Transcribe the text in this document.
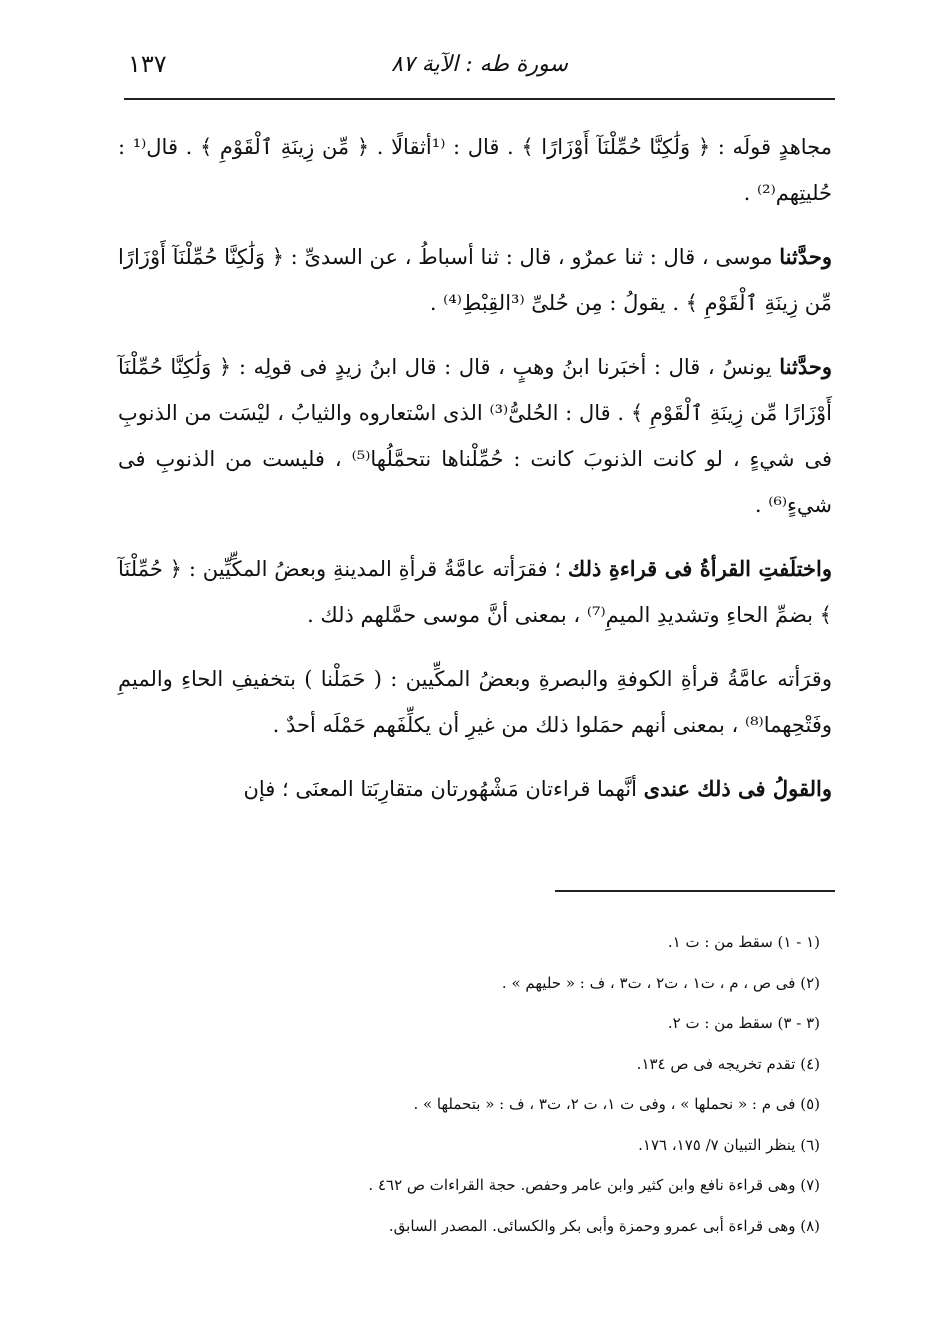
١٣٧	سورة طه : الآية ٨٧

مجاهدٍ قولَه : ﴿ وَلَٰكِنَّا حُمِّلْنَآ أَوْزَارًا ﴾ . قال : ⁽¹أثقالًا . ﴿ مِّن زِينَةِ ٱلْقَوْمِ ﴾ . قال⁽¹ : حُليتِهم⁽²⁾ .

وحدَّثنا موسى ، قال : ثنا عمرٌو ، قال : ثنا أسباطُ ، عن السدىِّ : ﴿ وَلَٰكِنَّا حُمِّلْنَآ أَوْزَارًا مِّن زِينَةِ ٱلْقَوْمِ ﴾ . يقولُ : مِن حُلىِّ ⁽³القِبْطِ⁽⁴⁾ .

وحدَّثنا يونسُ ، قال : أخبَرنا ابنُ وهبٍ ، قال : قال ابنُ زيدٍ فى قولِه : ﴿ وَلَٰكِنَّا حُمِّلْنَآ أَوْزَارًا مِّن زِينَةِ ٱلْقَوْمِ ﴾ . قال : الحُلىُّ⁽³⁾ الذى اسْتعاروه والثيابُ ، ليْسَت من الذنوبِ فى شيءٍ ، لو كانت الذنوبَ كانت : حُمِّلْناها نتحمَّلُها⁽⁵⁾ ، فليست من الذنوبِ فى شيءٍ⁽⁶⁾ .

واختلَفتِ القرأةُ فى قراءةِ ذلك ؛ فقرَأته عامَّةُ قرأةِ المدينةِ وبعضُ المكِّيِّين : ﴿ حُمِّلْنَآ ﴾ بضمِّ الحاءِ وتشديدِ الميمِ⁽⁷⁾ ، بمعنى أنَّ موسى حمَّلهم ذلك .

وقرَأته عامَّةُ قرأةِ الكوفةِ والبصرةِ وبعضُ المكِّيين : ( حَمَلْنا ) بتخفيفِ الحاءِ والميمِ وفَتْحِهما⁽⁸⁾ ، بمعنى أنهم حمَلوا ذلك من غيرِ أن يكلِّفَهم حَمْلَه أحدٌ .

والقولُ فى ذلك عندى أنَّهما قراءتان مَشْهُورتان متقارِبَتا المعنَى ؛ فإن

(١ - ١) سقط من : ت ١.
(٢) فى ص ، م ، ت١ ، ت٢ ، ت٣ ، ف : « حليهم » .
(٣ - ٣) سقط من : ت ٢.
(٤) تقدم تخريجه فى ص ١٣٤.
(٥) فى م : « نحملها » ، وفى ت ١، ت ٢، ت٣ ، ف : « بتحملها » .
(٦) ينظر التبيان ٧/ ١٧٥، ١٧٦.
(٧) وهى قراءة نافع وابن كثير وابن عامر وحفص. حجة القراءات ص ٤٦٢ .
(٨) وهى قراءة أبى عمرو وحمزة وأبى بكر والكسائى. المصدر السابق.
